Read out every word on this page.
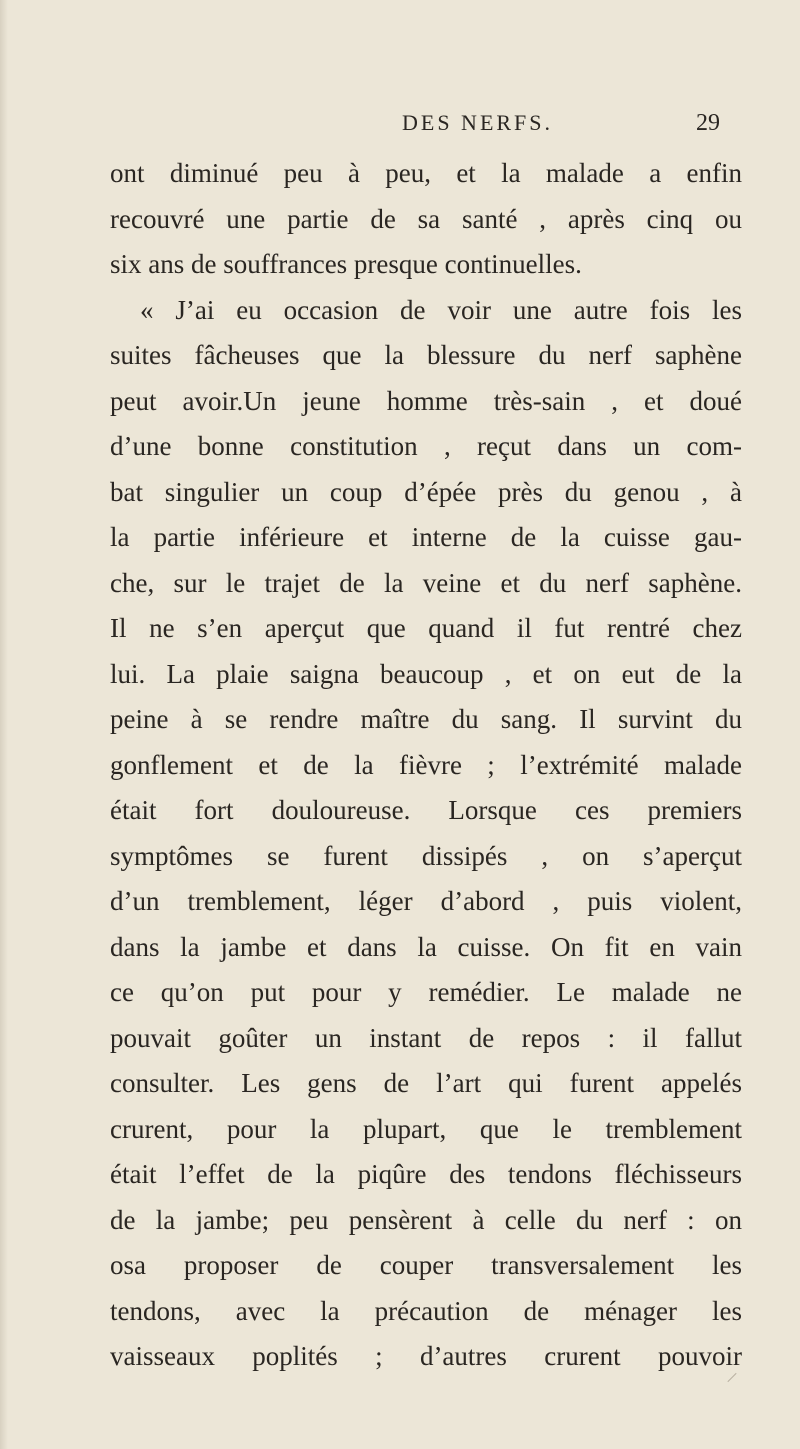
DES NERFS.	29
ont diminué peu à peu, et la malade a enfin
recouvré une partie de sa santé , après cinq ou
six ans de souffrances presque continuelles.
« J’ai eu occasion de voir une autre fois les
suites fâcheuses que la blessure du nerf saphène
peut avoir.Un jeune homme très-sain , et doué
d’une bonne constitution , reçut dans un com-
bat singulier un coup d’épée près du genou , à
la partie inférieure et interne de la cuisse gau-
che, sur le trajet de la veine et du nerf saphène.
Il ne s’en aperçut que quand il fut rentré chez
lui. La plaie saigna beaucoup , et on eut de la
peine à se rendre maître du sang. Il survint du
gonflement et de la fièvre ; l’extrémité malade
était fort douloureuse. Lorsque ces premiers
symptômes se furent dissipés , on s’aperçut
d’un tremblement, léger d’abord , puis violent,
dans la jambe et dans la cuisse. On fit en vain
ce qu’on put pour y remédier. Le malade ne
pouvait goûter un instant de repos : il fallut
consulter. Les gens de l’art qui furent appelés
crurent, pour la plupart, que le tremblement
était l’effet de la piqûre des tendons fléchisseurs
de la jambe; peu pensèrent à celle du nerf : on
osa proposer de couper transversalement les
tendons, avec la précaution de ménager les
vaisseaux poplités ; d’autres crurent pouvoir
